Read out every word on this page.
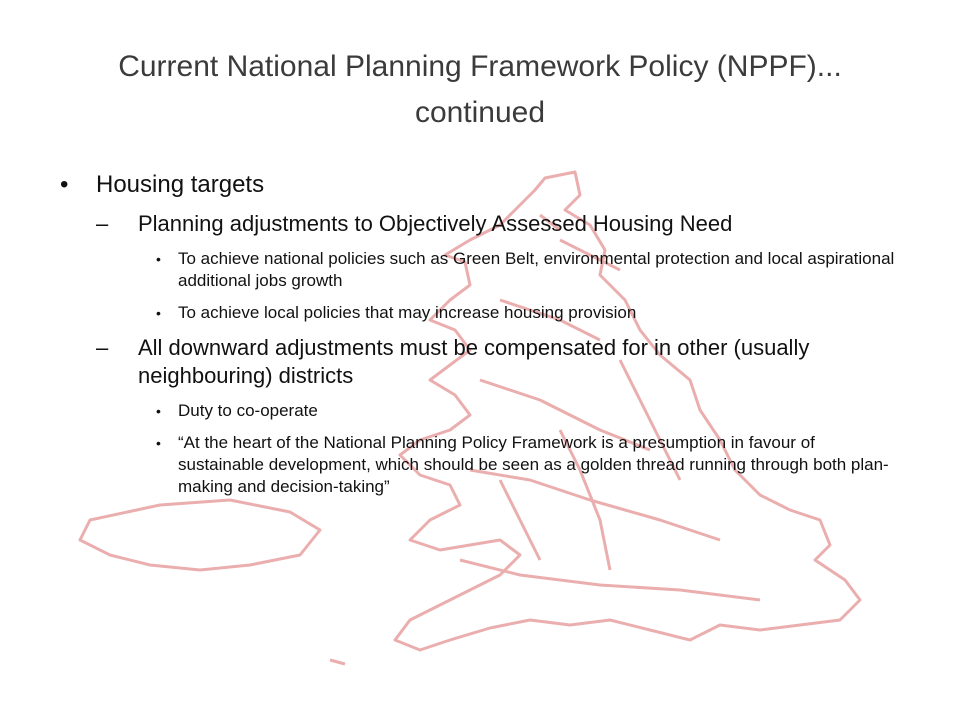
Current National Planning Framework Policy (NPPF)... continued
• Housing targets
– Planning adjustments to Objectively Assessed Housing Need
• To achieve national policies such as Green Belt, environmental protection and local aspirational additional jobs growth
• To achieve local policies that may increase housing provision
– All downward adjustments must be compensated for in other (usually neighbouring) districts
• Duty to co-operate
• “At the heart of the National Planning Policy Framework is a presumption in favour of sustainable development, which should be seen as a golden thread running through both plan-making and decision-taking”
